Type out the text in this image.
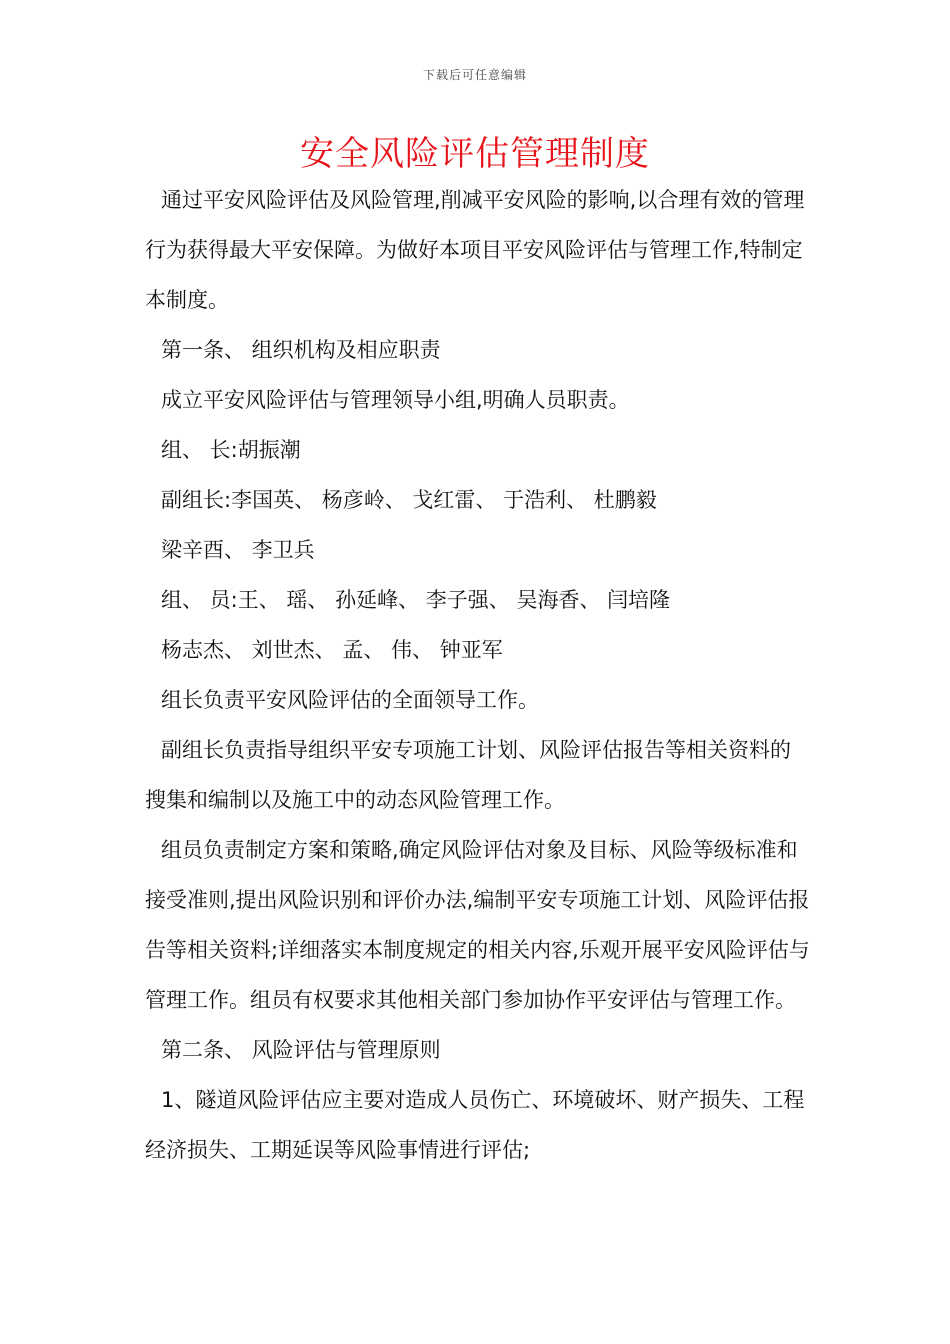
下载后可任意编辑
安全风险评估管理制度

通过平安风险评估及风险管理,削减平安风险的影响,以合理有效的管理行为获得最大平安保障。为做好本项目平安风险评估与管理工作,特制定本制度。

第一条、 组织机构及相应职责

成立平安风险评估与管理领导小组,明确人员职责。

组、 长:胡振潮

副组长:李国英、 杨彦岭、 戈红雷、 于浩利、 杜鹏毅

梁辛酉、 李卫兵

组、 员:王、 瑶、 孙延峰、 李子强、 吴海香、 闫培隆

杨志杰、 刘世杰、 孟、 伟、 钟亚军

组长负责平安风险评估的全面领导工作。

副组长负责指导组织平安专项施工计划、风险评估报告等相关资料的搜集和编制以及施工中的动态风险管理工作。

组员负责制定方案和策略,确定风险评估对象及目标、风险等级标准和接受准则,提出风险识别和评价办法,编制平安专项施工计划、风险评估报告等相关资料;详细落实本制度规定的相关内容,乐观开展平安风险评估与管理工作。组员有权要求其他相关部门参加协作平安评估与管理工作。

第二条、 风险评估与管理原则

1、隧道风险评估应主要对造成人员伤亡、环境破坏、财产损失、工程经济损失、工期延误等风险事情进行评估;
